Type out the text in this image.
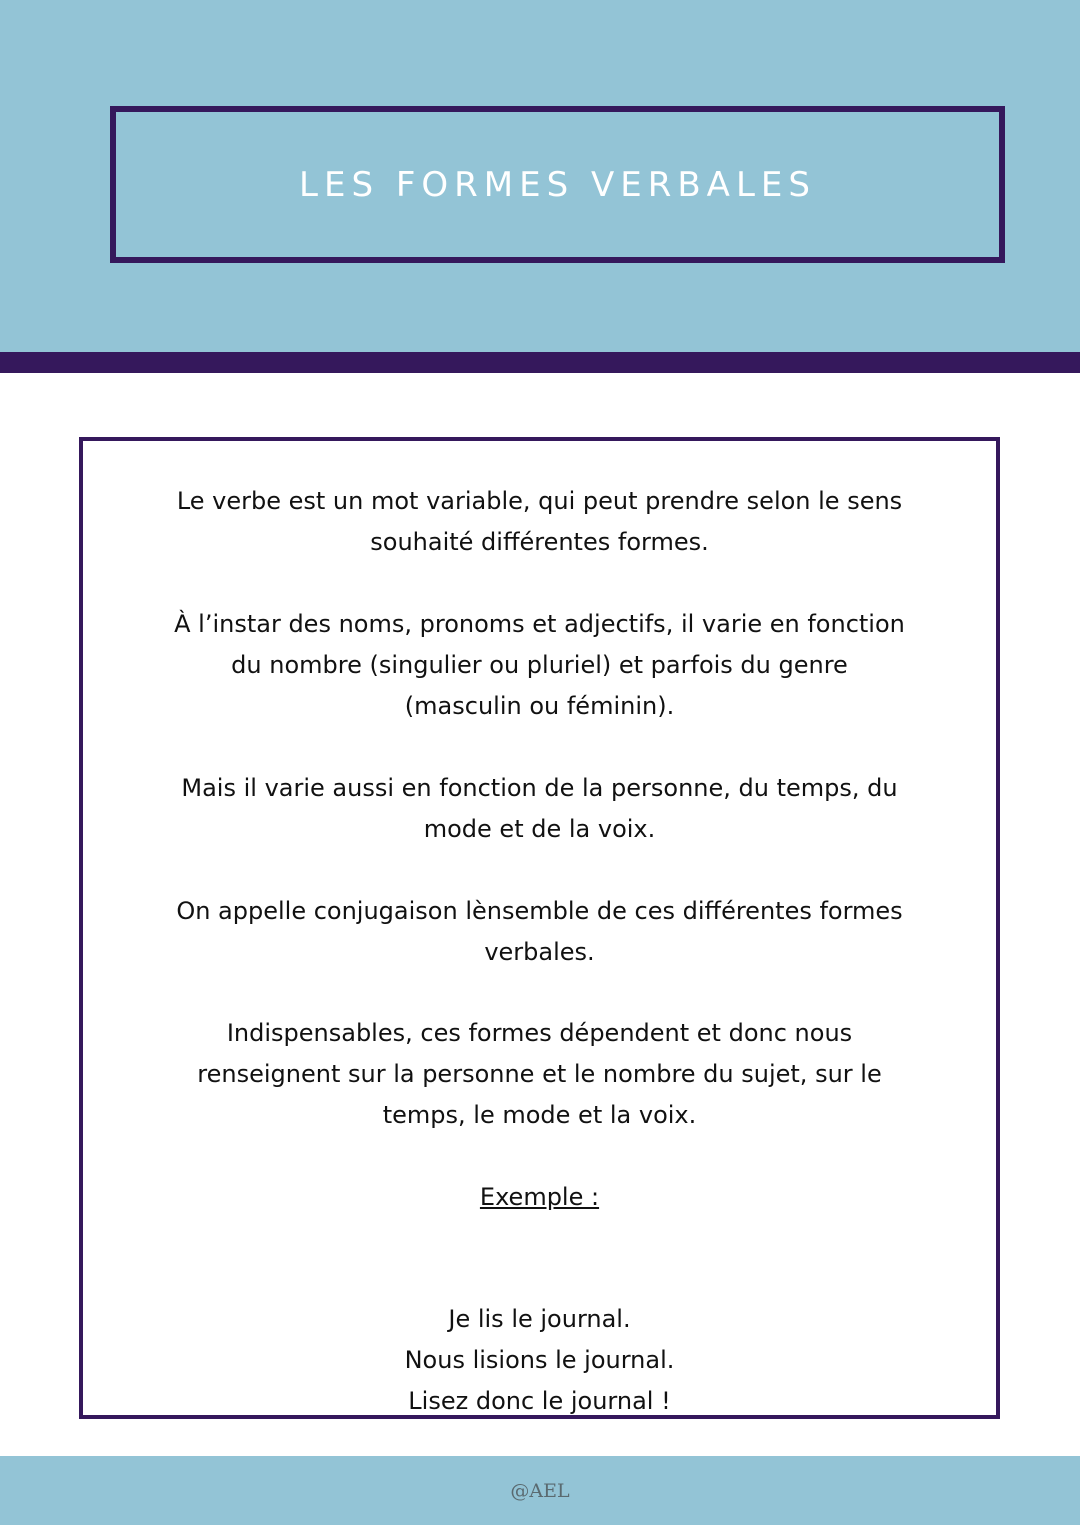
LES FORMES VERBALES

Le verbe est un mot variable, qui peut prendre selon le sens souhaité différentes formes.

À l’instar des noms, pronoms et adjectifs, il varie en fonction du nombre (singulier ou pluriel) et parfois du genre (masculin ou féminin).

Mais il varie aussi en fonction de la personne, du temps, du mode et de la voix.

On appelle conjugaison lènsemble de ces différentes formes verbales.

Indispensables, ces formes dépendent et donc nous renseignent sur la personne et le nombre du sujet, sur le temps, le mode et la voix.

Exemple :

Je lis le journal.
Nous lisions le journal.
Lisez donc le journal !
@AEL
